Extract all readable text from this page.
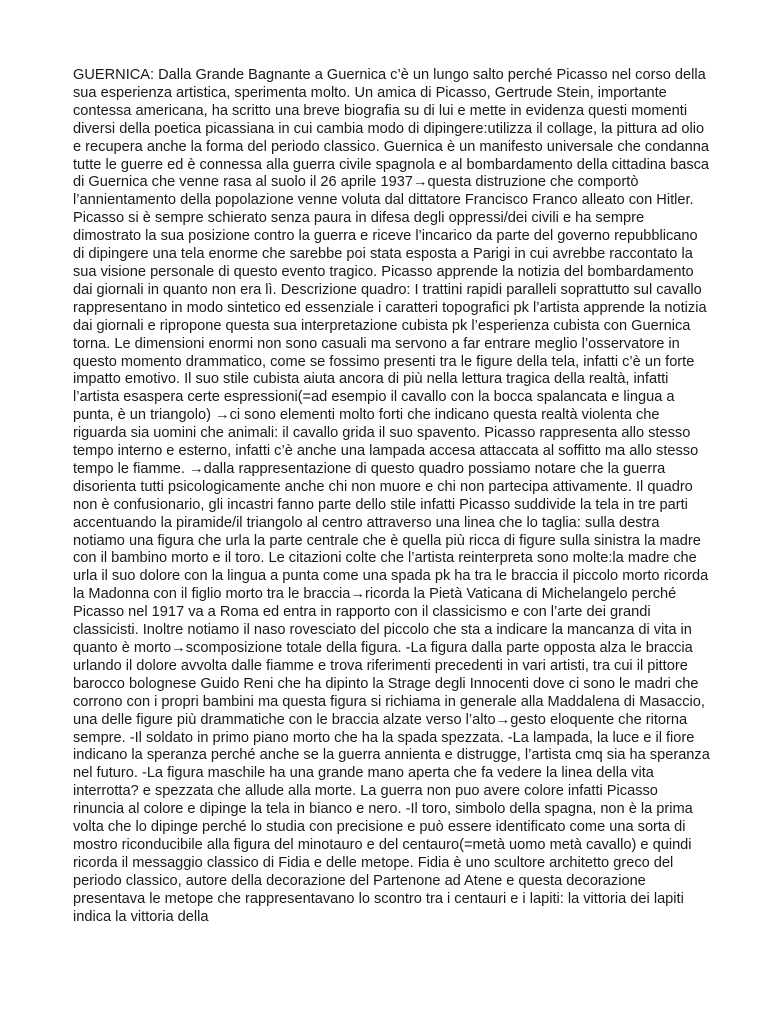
GUERNICA: Dalla Grande Bagnante a Guernica c’è un lungo salto perché Picasso nel corso della sua esperienza artistica, sperimenta molto. Un amica di Picasso, Gertrude Stein, importante contessa americana, ha scritto una breve biografia su di lui e mette in evidenza questi momenti diversi della poetica picassiana in cui cambia modo di dipingere:utilizza il collage, la pittura ad olio e recupera anche la forma del periodo classico. Guernica è un manifesto universale che condanna tutte le guerre ed è connessa alla guerra civile spagnola e al bombardamento della cittadina basca di Guernica che venne rasa al suolo il 26 aprile 1937→questa distruzione che comportò l’annientamento della popolazione venne voluta dal dittatore Francisco Franco alleato con Hitler. Picasso si è sempre schierato senza paura in difesa degli oppressi/dei civili e ha sempre dimostrato la sua posizione contro la guerra e riceve l’incarico da parte del governo repubblicano di dipingere una tela enorme che sarebbe poi stata esposta a Parigi in cui avrebbe raccontato la sua visione personale di questo evento tragico. Picasso apprende la notizia del bombardamento dai giornali in quanto non era lì. Descrizione quadro: I trattini rapidi paralleli soprattutto sul cavallo rappresentano in modo sintetico ed essenziale i caratteri topografici pk l’artista apprende la notizia dai giornali e ripropone questa sua interpretazione cubista pk l’esperienza cubista con Guernica torna. Le dimensioni enormi non sono casuali ma servono a far entrare meglio l’osservatore in questo momento drammatico, come se fossimo presenti tra le figure della tela, infatti c’è un forte impatto emotivo. Il suo stile cubista aiuta ancora di più nella lettura tragica della realtà, infatti l’artista esaspera certe espressioni(=ad esempio il cavallo con la bocca spalancata e lingua a punta, è un triangolo) →ci sono elementi molto forti che indicano questa realtà violenta che riguarda sia uomini che animali: il cavallo grida il suo spavento. Picasso rappresenta allo stesso tempo interno e esterno, infatti c’è anche una lampada accesa attaccata al soffitto ma allo stesso tempo le fiamme. →dalla rappresentazione di questo quadro possiamo notare che la guerra disorienta tutti psicologicamente anche chi non muore e chi non partecipa attivamente. Il quadro non è confusionario, gli incastri fanno parte dello stile infatti Picasso suddivide la tela in tre parti accentuando la piramide/il triangolo al centro attraverso una linea che lo taglia: sulla destra notiamo una figura che urla la parte centrale che è quella più ricca di figure sulla sinistra la madre con il bambino morto e il toro. Le citazioni colte che l’artista reinterpreta sono molte:la madre che urla il suo dolore con la lingua a punta come una spada pk ha tra le braccia il piccolo morto ricorda la Madonna con il figlio morto tra le braccia→ricorda la Pietà Vaticana di Michelangelo perché Picasso nel 1917 va a Roma ed entra in rapporto con il classicismo e con l’arte dei grandi classicisti. Inoltre notiamo il naso rovesciato del piccolo che sta a indicare la mancanza di vita in quanto è morto→scomposizione totale della figura. -La figura dalla parte opposta alza le braccia urlando il dolore avvolta dalle fiamme e trova riferimenti precedenti in vari artisti, tra cui il pittore barocco bolognese Guido Reni che ha dipinto la Strage degli Innocenti dove ci sono le madri che corrono con i propri bambini ma questa figura si richiama in generale alla Maddalena di Masaccio, una delle figure più drammatiche con le braccia alzate verso l’alto→gesto eloquente che ritorna sempre. -Il soldato in primo piano morto che ha la spada spezzata. -La lampada, la luce e il fiore indicano la speranza perché anche se la guerra annienta e distrugge, l’artista cmq sia ha speranza nel futuro. -La figura maschile ha una grande mano aperta che fa vedere la linea della vita interrotta? e spezzata che allude alla morte. La guerra non puo avere colore infatti Picasso rinuncia al colore e dipinge la tela in bianco e nero. -Il toro, simbolo della spagna, non è la prima volta che lo dipinge perché lo studia con precisione e può essere identificato come una sorta di mostro riconducibile alla figura del minotauro e del centauro(=metà uomo metà cavallo) e quindi ricorda il messaggio classico di Fidia e delle metope. Fidia è uno scultore architetto greco del periodo classico, autore della decorazione del Partenone ad Atene e questa decorazione presentava le metope che rappresentavano lo scontro tra i centauri e i lapiti: la vittoria dei lapiti indica la vittoria della
